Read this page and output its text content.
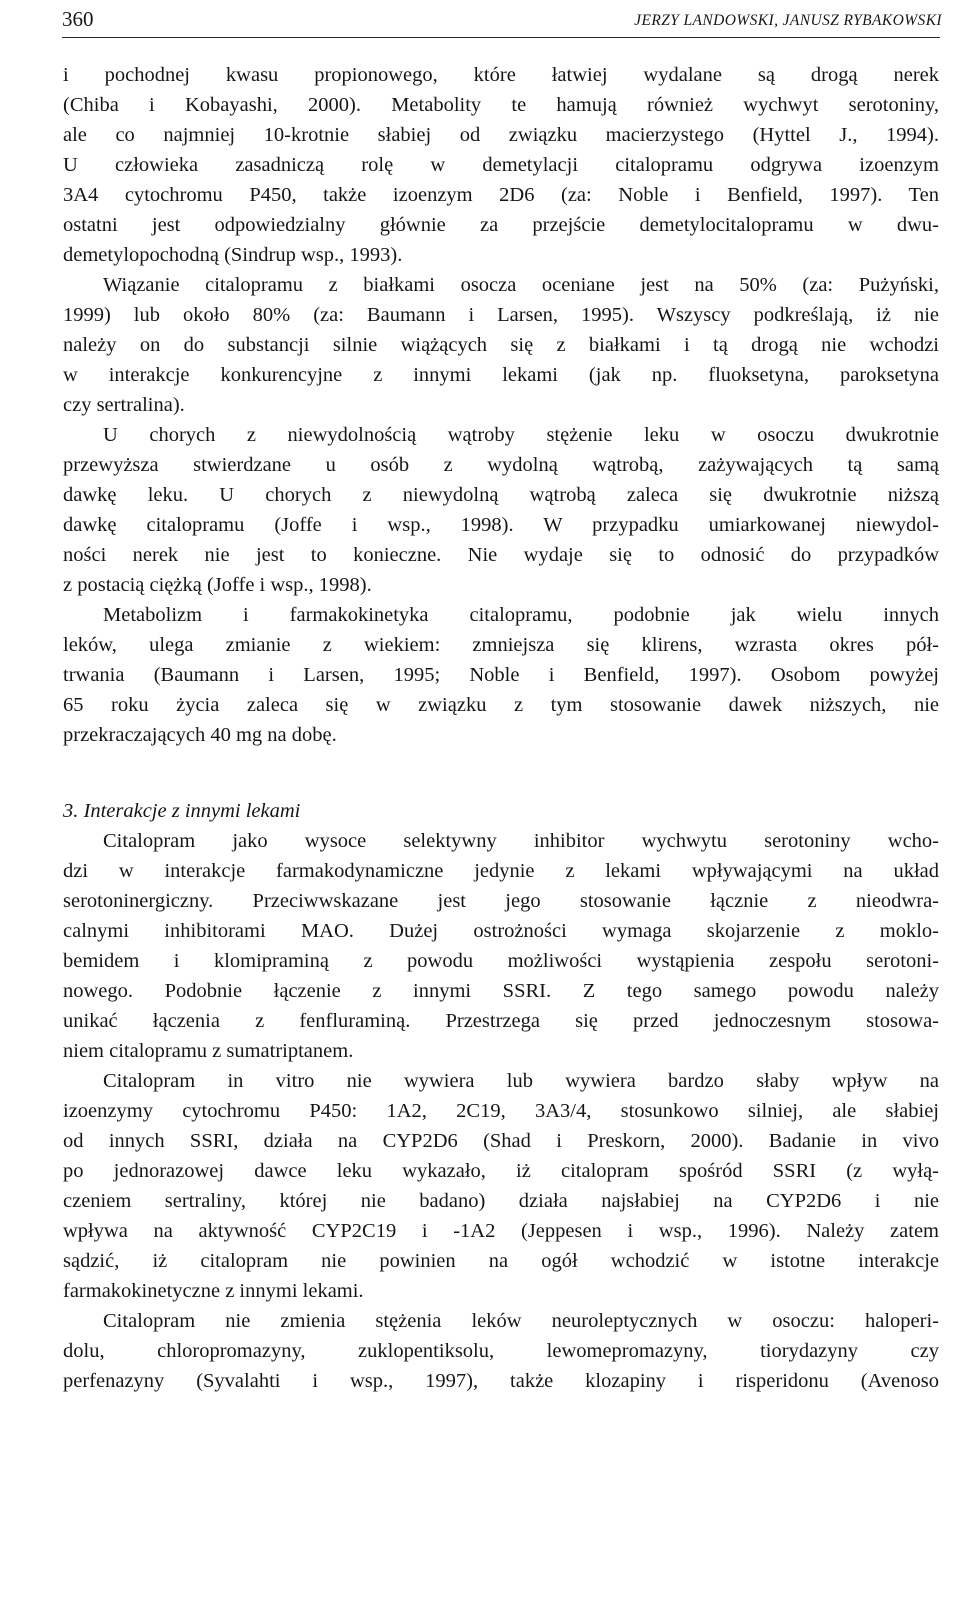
360	JERZY LANDOWSKI, JANUSZ RYBAKOWSKI
i pochodnej kwasu propionowego, które łatwiej wydalane są drogą nerek
(Chiba i Kobayashi, 2000). Metabolity te hamują również wychwyt serotoniny,
ale co najmniej 10-krotnie słabiej od związku macierzystego (Hyttel J., 1994).
U człowieka zasadniczą rolę w demetylacji citalopramu odgrywa izoenzym
3A4 cytochromu P450, także izoenzym 2D6 (za: Noble i Benfield, 1997). Ten
ostatni jest odpowiedzialny głównie za przejście demetylocitalopramu w dwu-
demetylopochodną (Sindrup wsp., 1993).
Wiązanie citalopramu z białkami osocza oceniane jest na 50% (za: Pużyński,
1999) lub około 80% (za: Baumann i Larsen, 1995). Wszyscy podkreślają, iż nie
należy on do substancji silnie wiążących się z białkami i tą drogą nie wchodzi
w interakcje konkurencyjne z innymi lekami (jak np. fluoksetyna, paroksetyna
czy sertralina).
U chorych z niewydolnością wątroby stężenie leku w osoczu dwukrotnie
przewyższa stwierdzane u osób z wydolną wątrobą, zażywających tą samą
dawkę leku. U chorych z niewydolną wątrobą zaleca się dwukrotnie niższą
dawkę citalopramu (Joffe i wsp., 1998). W przypadku umiarkowanej niewydol-
ności nerek nie jest to konieczne. Nie wydaje się to odnosić do przypadków
z postacią ciężką (Joffe i wsp., 1998).
Metabolizm i farmakokinetyka citalopramu, podobnie jak wielu innych
leków, ulega zmianie z wiekiem: zmniejsza się klirens, wzrasta okres pół-
trwania (Baumann i Larsen, 1995; Noble i Benfield, 1997). Osobom powyżej
65 roku życia zaleca się w związku z tym stosowanie dawek niższych, nie
przekraczających 40 mg na dobę.
3. Interakcje z innymi lekami
Citalopram jako wysoce selektywny inhibitor wychwytu serotoniny wcho-
dzi w interakcje farmakodynamiczne jedynie z lekami wpływającymi na układ
serotoninergiczny. Przeciwwskazane jest jego stosowanie łącznie z nieodwra-
calnymi inhibitorami MAO. Dużej ostrożności wymaga skojarzenie z moklo-
bemidem i klomipraminą z powodu możliwości wystąpienia zespołu serotoni-
nowego. Podobnie łączenie z innymi SSRI. Z tego samego powodu należy
unikać łączenia z fenfluraminą. Przestrzega się przed jednoczesnym stosowa-
niem citalopramu z sumatriptanem.
Citalopram in vitro nie wywiera lub wywiera bardzo słaby wpływ na
izoenzymy cytochromu P450: 1A2, 2C19, 3A3/4, stosunkowo silniej, ale słabiej
od innych SSRI, działa na CYP2D6 (Shad i Preskorn, 2000). Badanie in vivo
po jednorazowej dawce leku wykazało, iż citalopram spośród SSRI (z wyłą-
czeniem sertraliny, której nie badano) działa najsłabiej na CYP2D6 i nie
wpływa na aktywność CYP2C19 i -1A2 (Jeppesen i wsp., 1996). Należy zatem
sądzić, iż citalopram nie powinien na ogół wchodzić w istotne interakcje
farmakokinetyczne z innymi lekami.
Citalopram nie zmienia stężenia leków neuroleptycznych w osoczu: haloperi-
dolu, chloropromazyny, zuklopentiksolu, lewomepromazyny, tiorydazyny czy
perfenazyny (Syvalahti i wsp., 1997), także klozapiny i risperidonu (Avenoso
